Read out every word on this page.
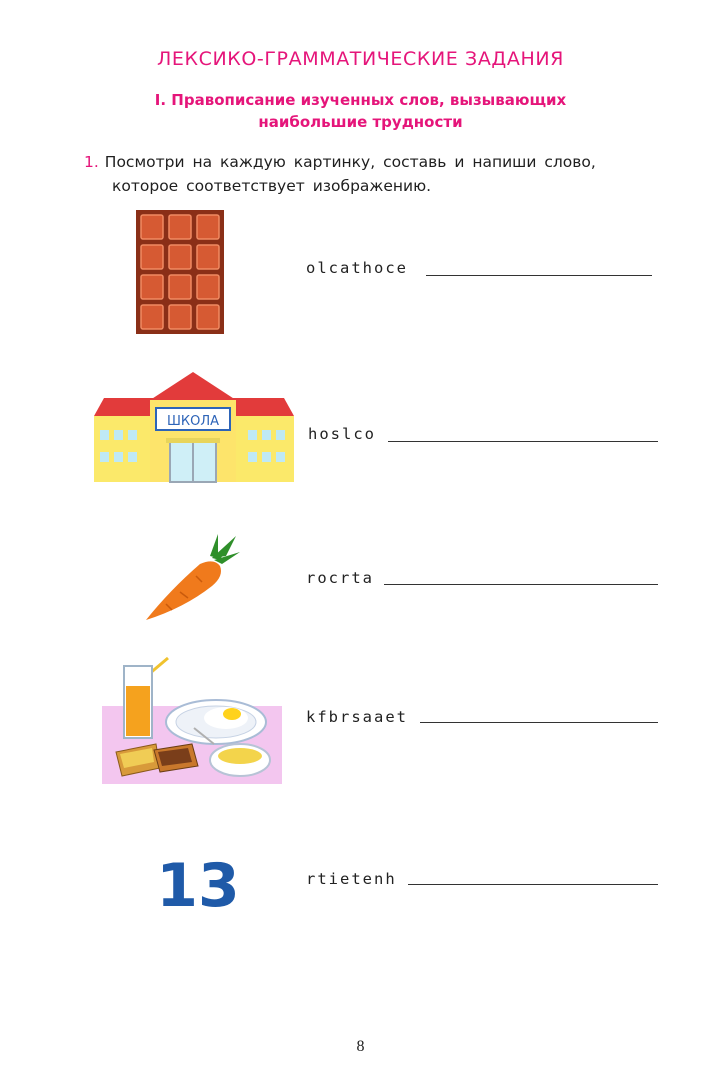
ЛЕКСИКО-ГРАММАТИЧЕСКИЕ ЗАДАНИЯ
I. Правописание изученных слов, вызывающих
наибольшие трудности
1. Посмотри на каждую картинку, составь и напиши слово,
которое соответствует изображению.
olcathoce
ШКОЛА
hoslco
rocrta
kfbrsaaet
13	rtietenh
8
